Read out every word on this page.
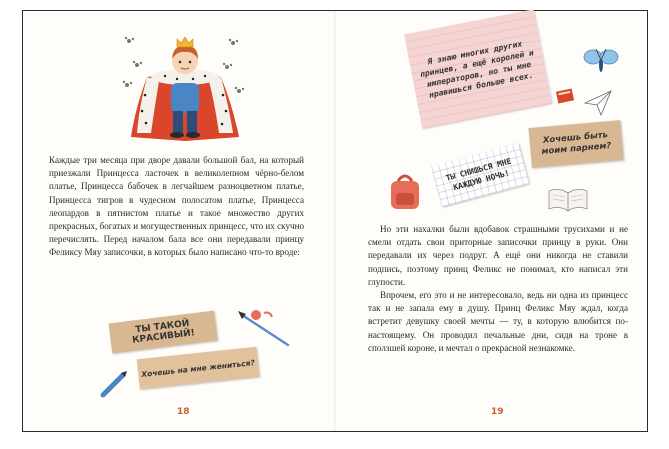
Каждые три месяца при дворе давали большой бал, на который приезжали Принцесса ласточек в великолепном чёрно-белом платье, Принцесса бабочек в легчайшем разноцветном платье, Принцесса тигров в чудесном полосатом платье, Принцесса леопардов в пятнистом платье и такое множество других прекрасных, богатых и могущественных принцесс, что их скучно перечислять. Перед началом бала все они передавали принцу Феликсу Мяу записочки, в которых было написано что-то вроде:

ТЫ ТАКОЙ КРАСИВЫЙ!
Хочешь на мне жениться?
18
Я знаю многих других принцев, а ещё королей и императоров, но ты мне нравишься больше всех.
Хочешь быть моим парнем?
ТЫ СНИШЬСЯ МНЕ КАЖДУЮ НОЧЬ!

Но эти нахалки были вдобавок страшными трусихами и не смели отдать свои приторные записочки принцу в руки. Они передавали их через подруг. А ещё они никогда не ставили подпись, поэтому принц Феликс не понимал, кто написал эти глупости.

Впрочем, его это и не интересовало, ведь ни одна из принцесс так и не запала ему в душу. Принц Феликс Мяу ждал, когда встретит девушку своей мечты — ту, в которую влюбится по-настоящему. Он проводил печальные дни, сидя на троне в сползшей короне, и мечтал о прекрасной незнакомке.

19
